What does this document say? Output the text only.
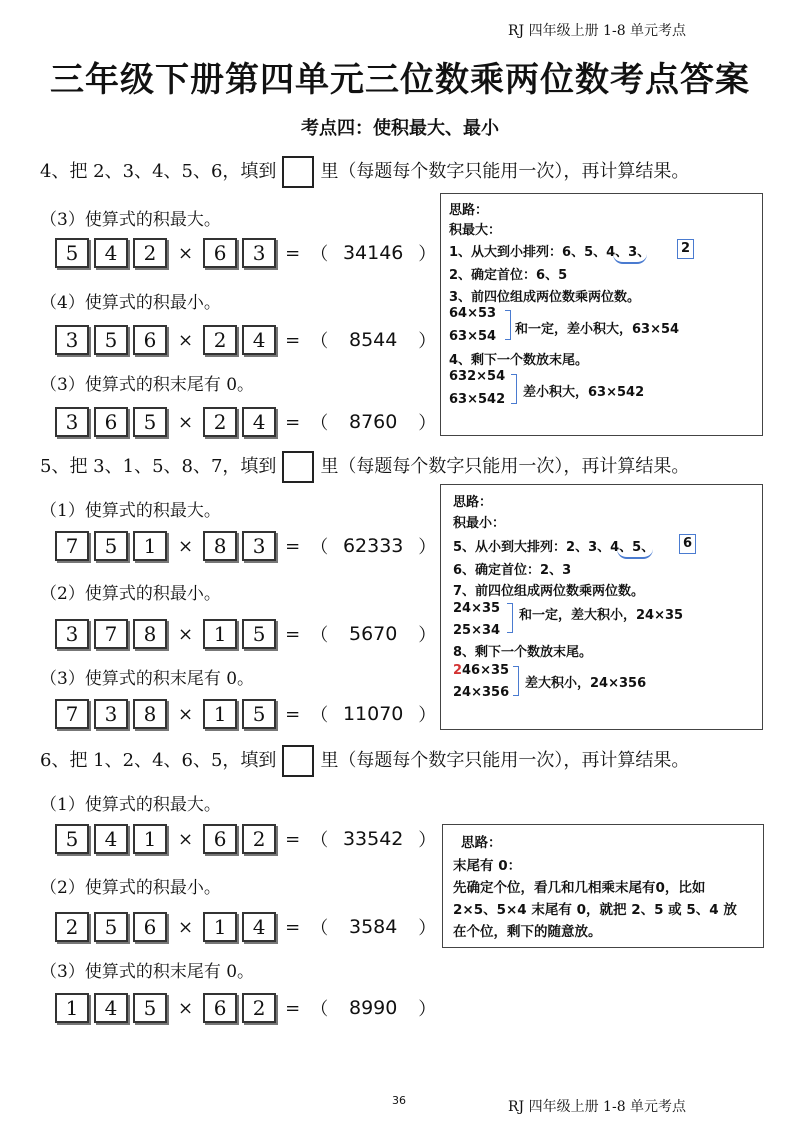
RJ 四年级上册 1-8 单元考点
三年级下册第四单元三位数乘两位数考点答案
考点四：使积最大、最小
4、把 2、3、4、5、6，填到 里（每题每个数字只能用一次），再计算结果。
（3）使算式的积最大。
5	4	2	×	6	3	= （ 34146 ）
（4）使算式的积最小。
3	5	6	×	2	4	= （	8544	）
（3）使算式的积末尾有 0。
3	6	5	×	2	4	= （	8760	）
思路：
积最大：
1、从大到小排列：6、5、4、3、	2
2、确定首位：6、5
3、前四位组成两位数乘两位数。
64×53
63×54 和一定，差小积大，63×54
4、剩下一个数放末尾。
632×54
63×542 差小积大，63×542
5、把 3、1、5、8、7，填到 里（每题每个数字只能用一次），再计算结果。
（1）使算式的积最大。
7	5	1	×	8	3	= （ 62333 ）
（2）使算式的积最小。
3	7	8	×	1	5	= （	5670	）
（3）使算式的积末尾有 0。
7	3	8	×	1	5	= （ 11070 ）
思路：
积最小：
5、从小到大排列：2、3、4、5、	6
6、确定首位：2、3
7、前四位组成两位数乘两位数。
24×35
25×34
和一定，差大积小，24×35
8、剩下一个数放末尾。
2 46×35
24×356
差大积小，24×356
6、把 1、2、4、6、5，填到 里（每题每个数字只能用一次），再计算结果。
（1）使算式的积最大。
5	4	1	×	6	2	= （ 33542 ）
（2）使算式的积最小。
2	5	6	×	1	4	= （	3584	）
（3）使算式的积末尾有 0。
1	4	5	×	6	2	= （	8990	）
思路：
末尾有 0：
先确定个位，看几和几相乘末尾有0，比如
2×5、5×4 末尾有 0，就把 2、5 或 5、4 放
在个位，剩下的随意放。
36	RJ 四年级上册 1-8 单元考点
